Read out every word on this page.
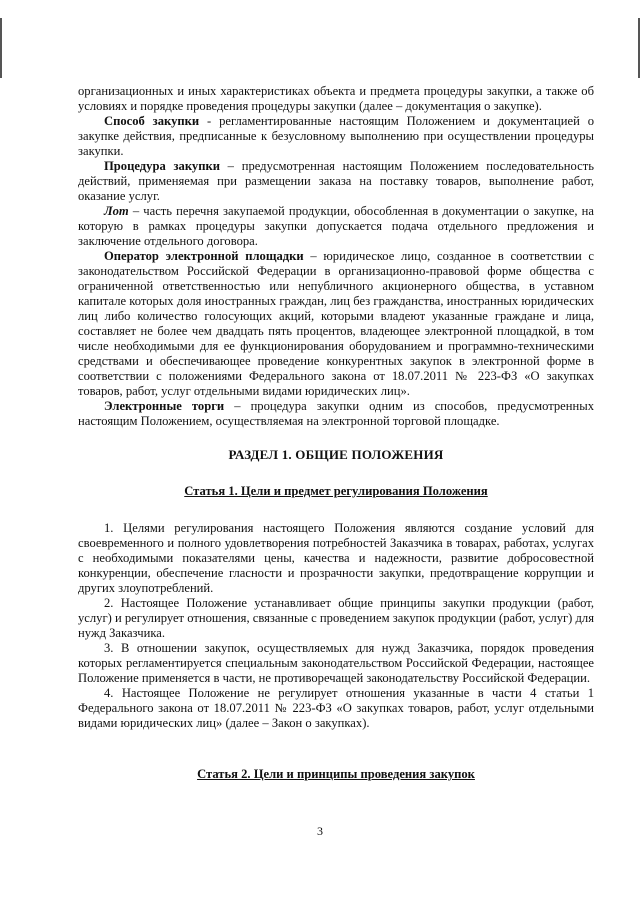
организационных и иных характеристиках объекта и предмета процедуры закупки, а также об условиях и порядке проведения процедуры закупки (далее – документация о закупке).

Способ закупки - регламентированные настоящим Положением и документацией о закупке действия, предписанные к безусловному выполнению при осуществлении процедуры закупки.

Процедура закупки – предусмотренная настоящим Положением последовательность действий, применяемая при размещении заказа на поставку товаров, выполнение работ, оказание услуг.

Лот – часть перечня закупаемой продукции, обособленная в документации о закупке, на которую в рамках процедуры закупки допускается подача отдельного предложения и заключение отдельного договора.

Оператор электронной площадки – юридическое лицо, созданное в соответствии с законодательством Российской Федерации в организационно-правовой форме общества с ограниченной ответственностью или непубличного акционерного общества, в уставном капитале которых доля иностранных граждан, лиц без гражданства, иностранных юридических лиц либо количество голосующих акций, которыми владеют указанные граждане и лица, составляет не более чем двадцать пять процентов, владеющее электронной площадкой, в том числе необходимыми для ее функционирования оборудованием и программно-техническими средствами и обеспечивающее проведение конкурентных закупок в электронной форме в соответствии с положениями Федерального закона от 18.07.2011 № 223-ФЗ «О закупках товаров, работ, услуг отдельными видами юридических лиц».

Электронные торги – процедура закупки одним из способов, предусмотренных настоящим Положением, осуществляемая на электронной торговой площадке.

РАЗДЕЛ 1. ОБЩИЕ ПОЛОЖЕНИЯ
Статья 1. Цели и предмет регулирования Положения

1. Целями регулирования настоящего Положения являются создание условий для своевременного и полного удовлетворения потребностей Заказчика в товарах, работах, услугах с необходимыми показателями цены, качества и надежности, развитие добросовестной конкуренции, обеспечение гласности и прозрачности закупки, предотвращение коррупции и других злоупотреблений.

2. Настоящее Положение устанавливает общие принципы закупки продукции (работ, услуг) и регулирует отношения, связанные с проведением закупок продукции (работ, услуг) для нужд Заказчика.

3. В отношении закупок, осуществляемых для нужд Заказчика, порядок проведения которых регламентируется специальным законодательством Российской Федерации, настоящее Положение применяется в части, не противоречащей законодательству Российской Федерации.

4. Настоящее Положение не регулирует отношения указанные в части 4 статьи 1 Федерального закона от 18.07.2011 № 223-ФЗ «О закупках товаров, работ, услуг отдельными видами юридических лиц» (далее – Закон о закупках).

Статья 2. Цели и принципы проведения закупок
3
